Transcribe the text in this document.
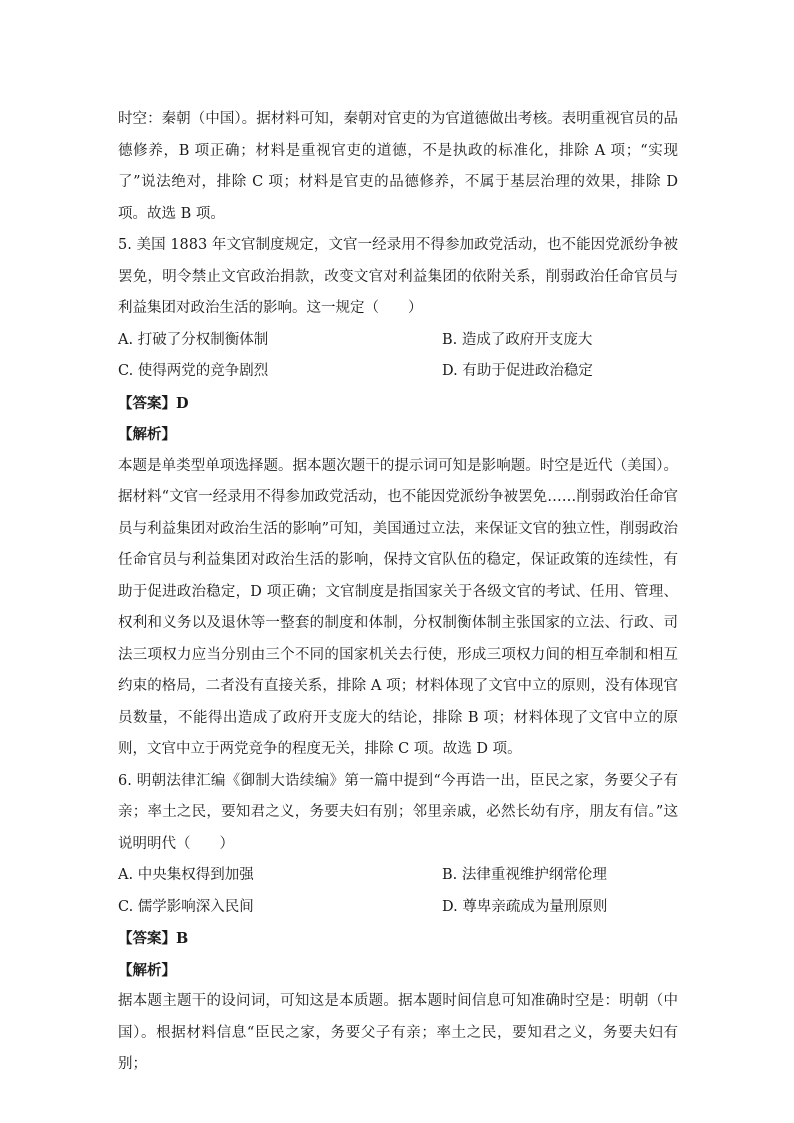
时空：秦朝（中国）。据材料可知，秦朝对官吏的为官道德做出考核。表明重视官员的品德修养，B 项正确；材料是重视官吏的道德，不是执政的标准化，排除 A 项；“实现了”说法绝对，排除 C 项；材料是官吏的品德修养，不属于基层治理的效果，排除 D 项。故选 B 项。

5. 美国 1883 年文官制度规定，文官一经录用不得参加政党活动，也不能因党派纷争被罢免，明令禁止文官政治捐款，改变文官对利益集团的依附关系，削弱政治任命官员与利益集团对政治生活的影响。这一规定（　　）

A. 打破了分权制衡体制	B. 造成了政府开支庞大
C. 使得两党的竞争剧烈	D. 有助于促进政治稳定

【答案】D

【解析】

本题是单类型单项选择题。据本题次题干的提示词可知是影响题。时空是近代（美国）。据材料“文官一经录用不得参加政党活动，也不能因党派纷争被罢免……削弱政治任命官员与利益集团对政治生活的影响”可知，美国通过立法，来保证文官的独立性，削弱政治任命官员与利益集团对政治生活的影响，保持文官队伍的稳定，保证政策的连续性，有助于促进政治稳定，D 项正确；文官制度是指国家关于各级文官的考试、任用、管理、权利和义务以及退休等一整套的制度和体制，分权制衡体制主张国家的立法、行政、司法三项权力应当分别由三个不同的国家机关去行使，形成三项权力间的相互牵制和相互约束的格局，二者没有直接关系，排除 A 项；材料体现了文官中立的原则，没有体现官员数量，不能得出造成了政府开支庞大的结论，排除 B 项；材料体现了文官中立的原则，文官中立于两党竞争的程度无关，排除 C 项。故选 D 项。

6. 明朝法律汇编《御制大诰续编》第一篇中提到“今再诰一出，臣民之家，务要父子有亲；率土之民，要知君之义，务要夫妇有别；邻里亲戚，必然长幼有序，朋友有信。”这说明明代（　　）

A. 中央集权得到加强	B. 法律重视维护纲常伦理
C. 儒学影响深入民间	D. 尊卑亲疏成为量刑原则

【答案】B

【解析】

据本题主题干的设问词，可知这是本质题。据本题时间信息可知准确时空是：明朝（中国）。根据材料信息“臣民之家，务要父子有亲；率土之民，要知君之义，务要夫妇有别；
